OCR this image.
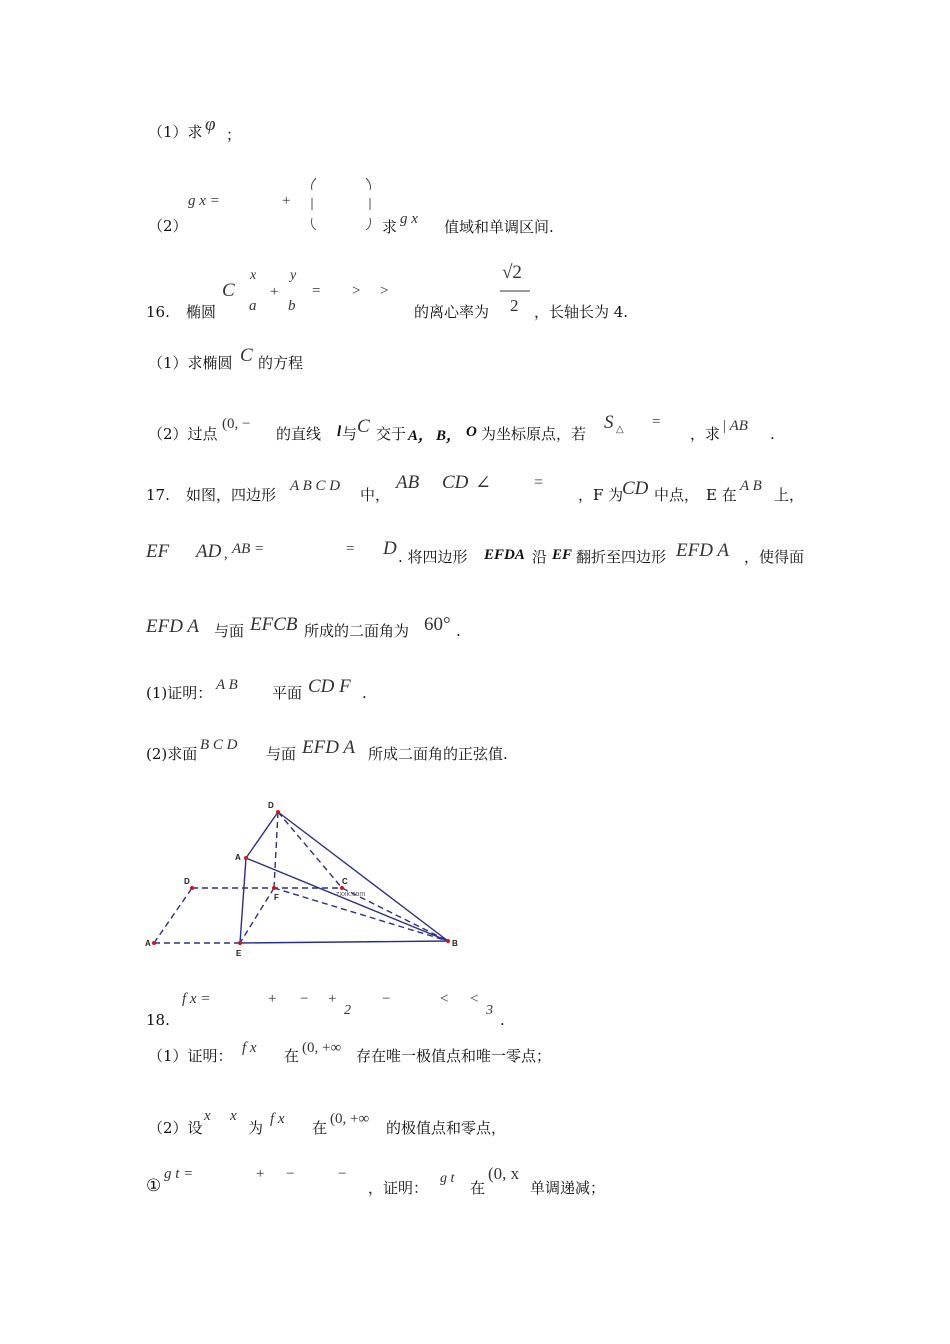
（1）求 φ ；
（2）
g x =	+
求 g x 值域和单调区间.
16. 椭圆
C
x y
+
a b
= > >
的离心率为
√2
2 ，长轴长为 4.
（1）求椭圆 C 的方程
（2）过点
(0, −
的直线 l 与 C 交于 A， B， O 为坐标原点，若
S △ =
，求 | AB .
17. 如图，四边形 A B C D 中，
AB CD ∠	=
，F 为
CD 中点， E 在 A B 上，
EF AD , AB =	= D . 将四边形 EFDA 沿 EF 翻折至四边形 EFD A ，使得面
EFD A 与面 EFCB 所成的二面角为 60° .
(1)证明： A B 平面 CD F .
(2)求面 B C D 与面 EFD A 所成二面角的正弦值.
D
A
D	C
F
A
E
B
zxxk.com
18.
f x =	+ − +
2
−	< <
3
.
（1）证明： f x 在 (0, +∞ 存在唯一极值点和唯一零点；
（2）设
x x
为 f x 在 (0, +∞ 的极值点和零点，
①
g t =	+ −	−
，证明：
g t
在
(0, x
单调递减；
